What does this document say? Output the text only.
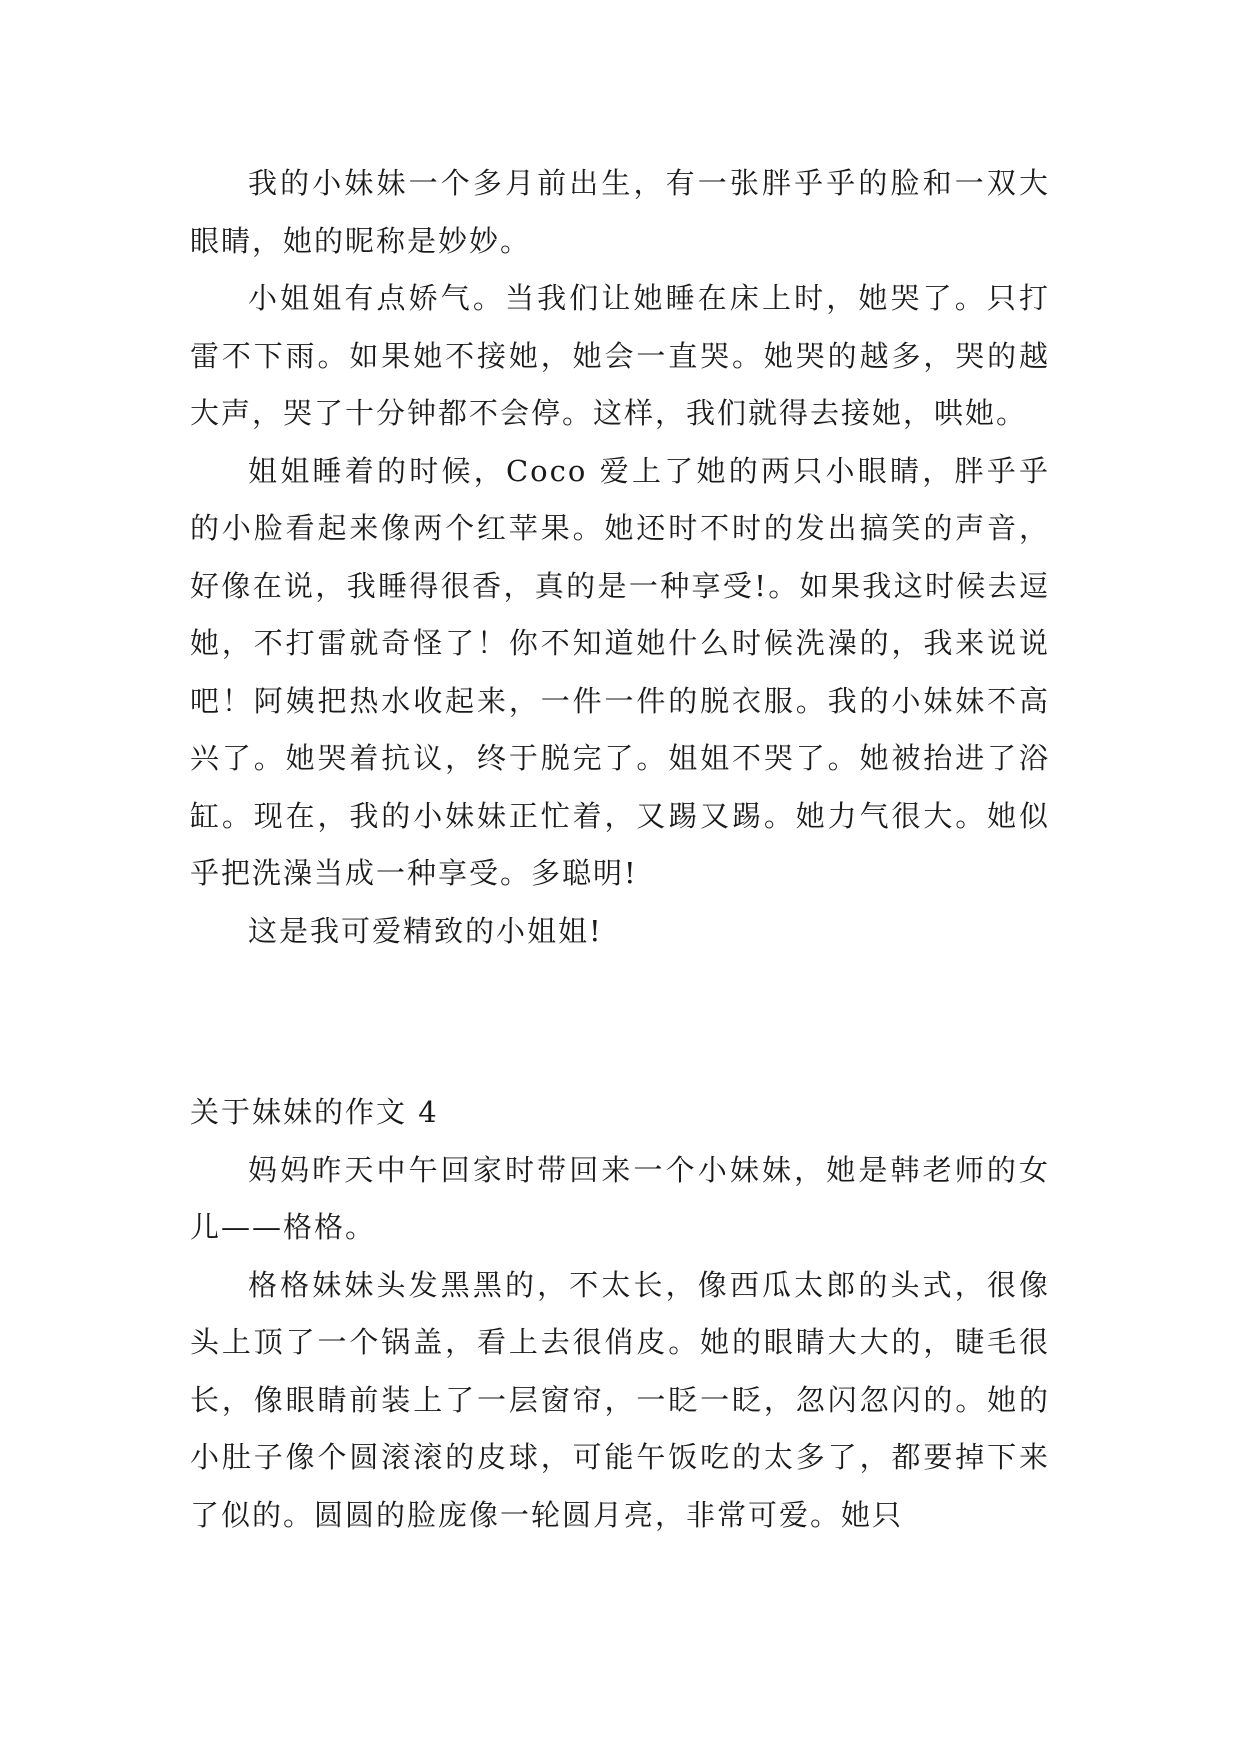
我的小妹妹一个多月前出生，有一张胖乎乎的脸和一双大眼睛，她的昵称是妙妙。

小姐姐有点娇气。当我们让她睡在床上时，她哭了。只打雷不下雨。如果她不接她，她会一直哭。她哭的越多，哭的越大声，哭了十分钟都不会停。这样，我们就得去接她，哄她。

姐姐睡着的时候，Coco 爱上了她的两只小眼睛，胖乎乎的小脸看起来像两个红苹果。她还时不时的发出搞笑的声音，好像在说，我睡得很香，真的是一种享受!。如果我这时候去逗她，不打雷就奇怪了！你不知道她什么时候洗澡的，我来说说吧！阿姨把热水收起来，一件一件的脱衣服。我的小妹妹不高兴了。她哭着抗议，终于脱完了。姐姐不哭了。她被抬进了浴缸。现在，我的小妹妹正忙着，又踢又踢。她力气很大。她似乎把洗澡当成一种享受。多聪明!

这是我可爱精致的小姐姐!

关于妹妹的作文 4

妈妈昨天中午回家时带回来一个小妹妹，她是韩老师的女儿——格格。

格格妹妹头发黑黑的，不太长，像西瓜太郎的头式，很像头上顶了一个锅盖，看上去很俏皮。她的眼睛大大的，睫毛很长，像眼睛前装上了一层窗帘，一眨一眨，忽闪忽闪的。她的小肚子像个圆滚滚的皮球，可能午饭吃的太多了，都要掉下来了似的。圆圆的脸庞像一轮圆月亮，非常可爱。她只
